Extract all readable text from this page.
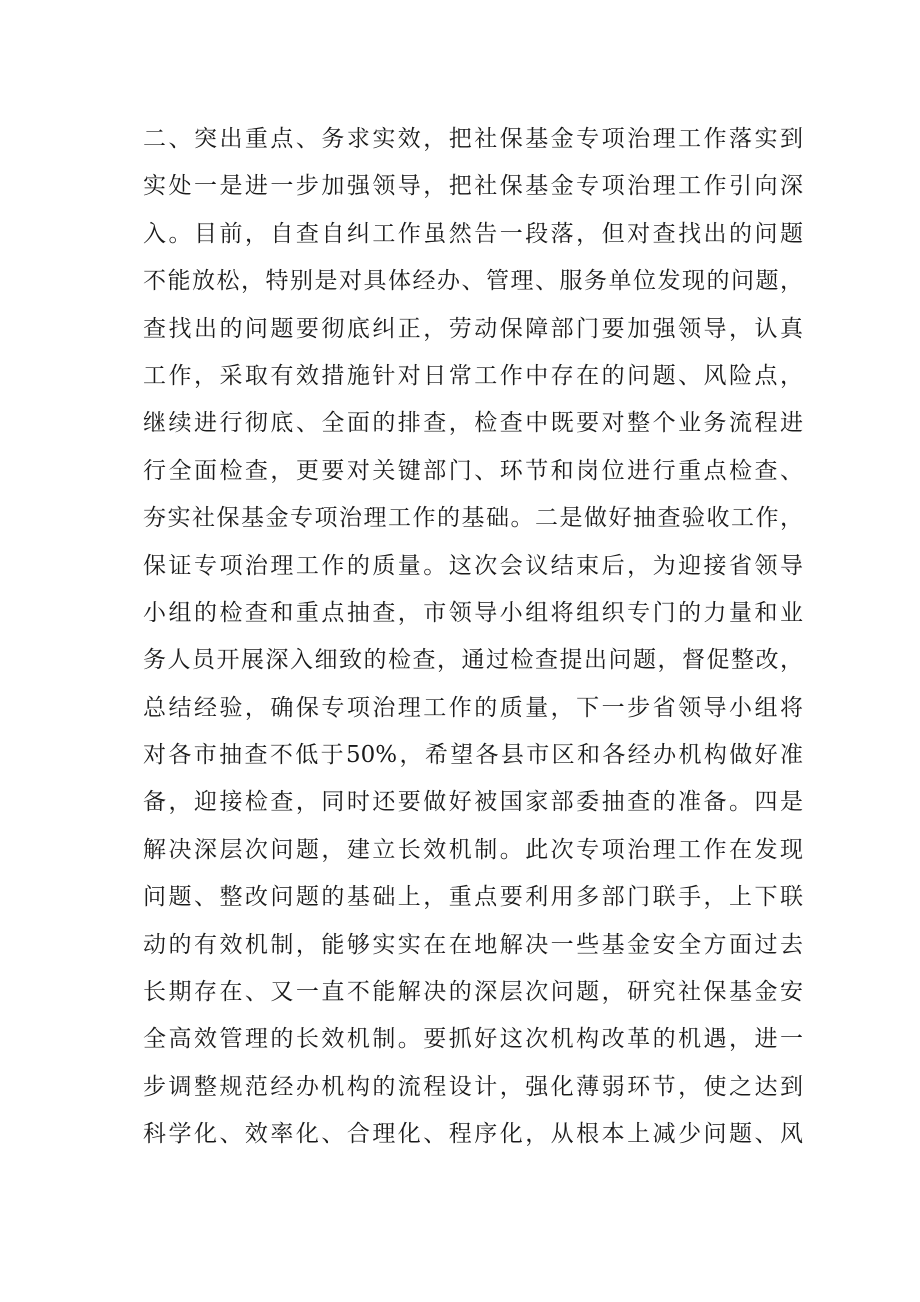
二、突出重点、务求实效，把社保基金专项治理工作落实到
实处一是进一步加强领导，把社保基金专项治理工作引向深
入。目前，自查自纠工作虽然告一段落，但对查找出的问题
不能放松，特别是对具体经办、管理、服务单位发现的问题，
查找出的问题要彻底纠正，劳动保障部门要加强领导，认真
工作，采取有效措施针对日常工作中存在的问题、风险点，
继续进行彻底、全面的排查，检查中既要对整个业务流程进
行全面检查，更要对关键部门、环节和岗位进行重点检查、
夯实社保基金专项治理工作的基础。二是做好抽查验收工作，
保证专项治理工作的质量。这次会议结束后，为迎接省领导
小组的检查和重点抽查，市领导小组将组织专门的力量和业
务人员开展深入细致的检查，通过检查提出问题，督促整改，
总结经验，确保专项治理工作的质量，下一步省领导小组将
对各市抽查不低于50%，希望各县市区和各经办机构做好准
备，迎接检查，同时还要做好被国家部委抽查的准备。四是
解决深层次问题，建立长效机制。此次专项治理工作在发现
问题、整改问题的基础上，重点要利用多部门联手，上下联
动的有效机制，能够实实在在地解决一些基金安全方面过去
长期存在、又一直不能解决的深层次问题，研究社保基金安
全高效管理的长效机制。要抓好这次机构改革的机遇，进一
步调整规范经办机构的流程设计，强化薄弱环节，使之达到
科学化、效率化、合理化、程序化，从根本上减少问题、风
